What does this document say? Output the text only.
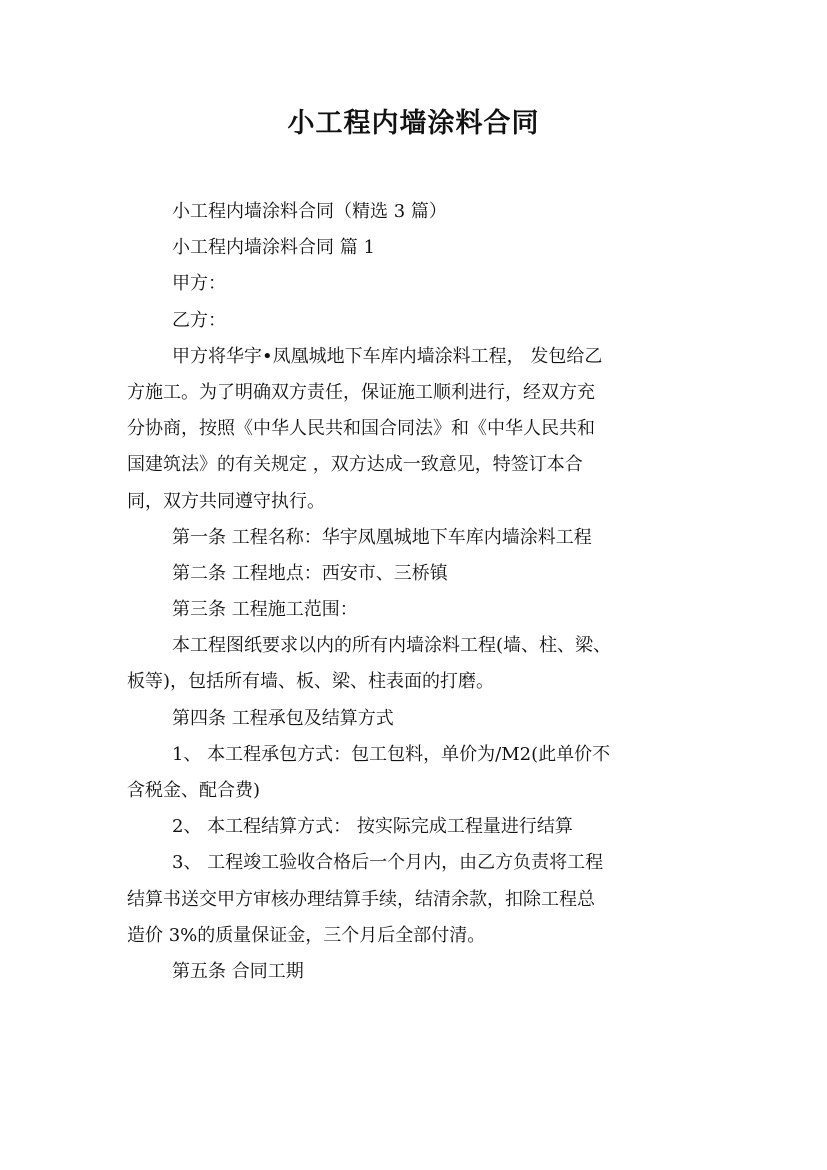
小工程内墙涂料合同
小工程内墙涂料合同（精选 3 篇）
小工程内墙涂料合同 篇 1
甲方：
乙方：
甲方将华宇•凤凰城地下车库内墙涂料工程， 发包给乙
方施工。为了明确双方责任，保证施工顺利进行，经双方充
分协商，按照《中华人民共和国合同法》和《中华人民共和
国建筑法》的有关规定 ，双方达成一致意见，特签订本合
同，双方共同遵守执行。
第一条 工程名称：华宇凤凰城地下车库内墙涂料工程
第二条 工程地点：西安市、三桥镇
第三条 工程施工范围：
本工程图纸要求以内的所有内墙涂料工程(墙、柱、梁、
板等)，包括所有墙、板、梁、柱表面的打磨。
第四条 工程承包及结算方式
1、 本工程承包方式：包工包料，单价为/M2(此单价不
含税金、配合费)
2、 本工程结算方式： 按实际完成工程量进行结算
3、 工程竣工验收合格后一个月内，由乙方负责将工程
结算书送交甲方审核办理结算手续，结清余款，扣除工程总
造价 3%的质量保证金，三个月后全部付清。
第五条 合同工期
